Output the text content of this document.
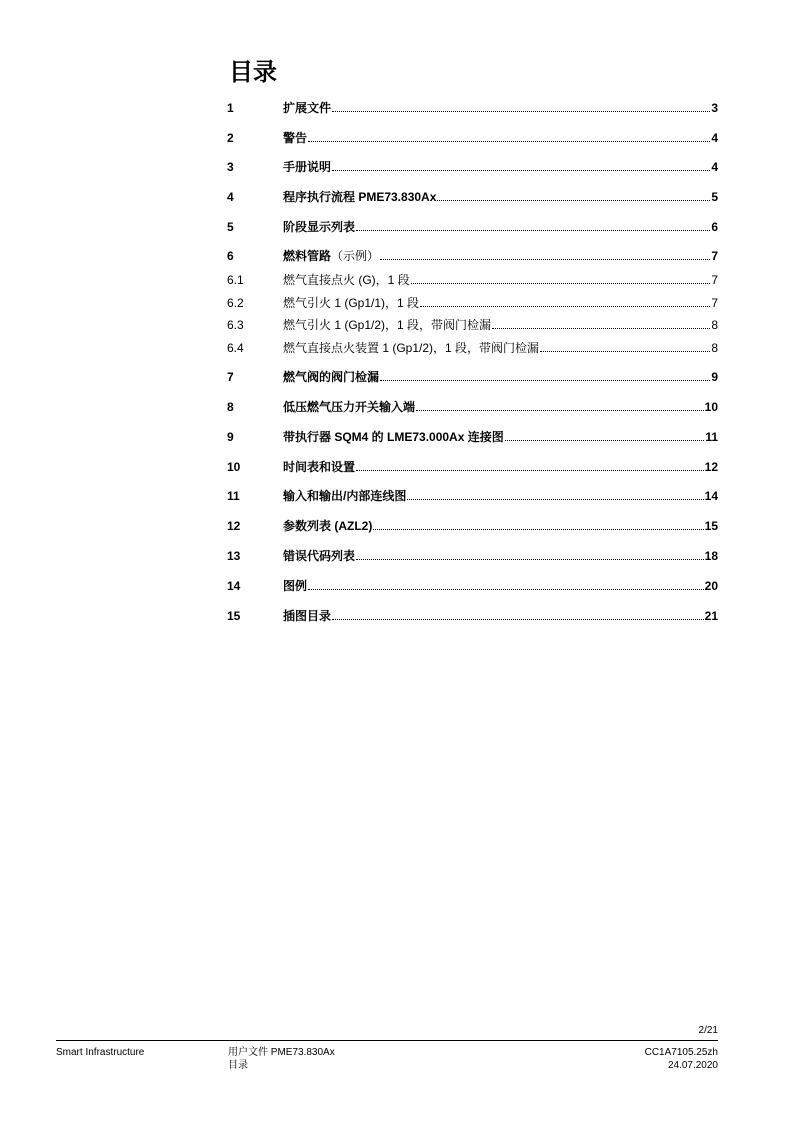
目录
1	扩展文件	3
2	警告	4
3	手册说明	4
4	程序执行流程 PME73.830Ax	5
5	阶段显示列表	6
6	燃料管路 （示例）	7
6.1	燃气直接点火 (G)，1 段	7
6.2	燃气引火 1 (Gp1/1)，1 段	7
6.3	燃气引火 1 (Gp1/2)，1 段，带阀门检漏	8
6.4	燃气直接点火装置 1 (Gp1/2)，1 段，带阀门检漏	8
7	燃气阀的阀门检漏	9
8	低压燃气压力开关输入端	10
9	带执行器 SQM4 的 LME73.000Ax 连接图	11
10	时间表和设置	12
11	输入和输出/内部连线图	14
12	参数列表 (AZL2)	15
13	错误代码列表	18
14	图例	20
15	插图目录	21
2/21
Smart Infrastructure	用户文件 PME73.830Ax
目录
CC1A7105.25zh
24.07.2020
